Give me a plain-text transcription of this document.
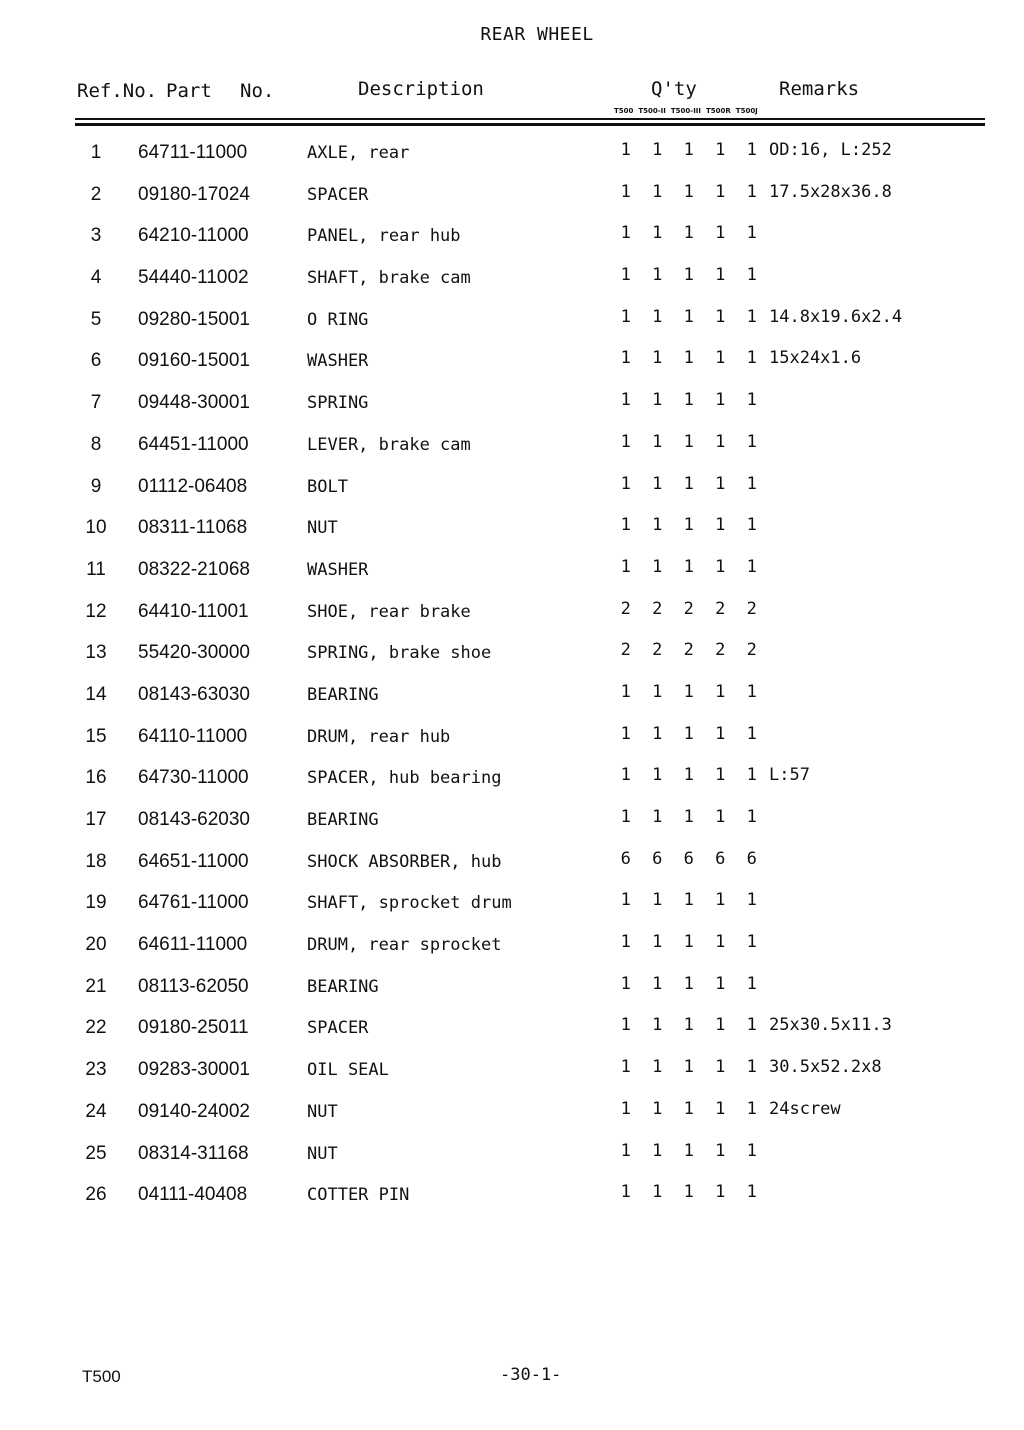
REAR WHEEL
Ref.No. Part No.	Description	Q'ty	Remarks
T500 T500-II T500-III T500R T500J
1	64711-11000	AXLE, rear	1	1	1	1	1 OD:16, L:252
2	09180-17024	SPACER	1	1	1	1	1 17.5x28x36.8
3	64210-11000	PANEL, rear hub	1	1	1	1	1
4	54440-11002	SHAFT, brake cam	1	1	1	1	1
5	09280-15001	O RING	1	1	1	1	1 14.8x19.6x2.4
6	09160-15001	WASHER	1	1	1	1	1 15x24x1.6
7	09448-30001	SPRING	1	1	1	1	1
8	64451-11000	LEVER, brake cam	1	1	1	1	1
9	01112-06408	BOLT	1	1	1	1	1
10	08311-11068	NUT	1	1	1	1	1
11	08322-21068	WASHER	1	1	1	1	1
12	64410-11001	SHOE, rear brake	2	2	2	2	2
13	55420-30000	SPRING, brake shoe	2	2	2	2	2
14	08143-63030	BEARING	1	1	1	1	1
15	64110-11000	DRUM, rear hub	1	1	1	1	1
16	64730-11000	SPACER, hub bearing	1	1	1	1	1 L:57
17	08143-62030	BEARING	1	1	1	1	1
18	64651-11000	SHOCK ABSORBER, hub	6	6	6	6	6
19	64761-11000	SHAFT, sprocket drum	1	1	1	1	1
20	64611-11000	DRUM, rear sprocket	1	1	1	1	1
21	08113-62050	BEARING	1	1	1	1	1
22	09180-25011	SPACER	1	1	1	1	1 25x30.5x11.3
23	09283-30001	OIL SEAL	1	1	1	1	1 30.5x52.2x8
24	09140-24002	NUT	1	1	1	1	1 24screw
25	08314-31168	NUT	1	1	1	1	1
26	04111-40408	COTTER PIN	1	1	1	1	1
T500	-30-1-
